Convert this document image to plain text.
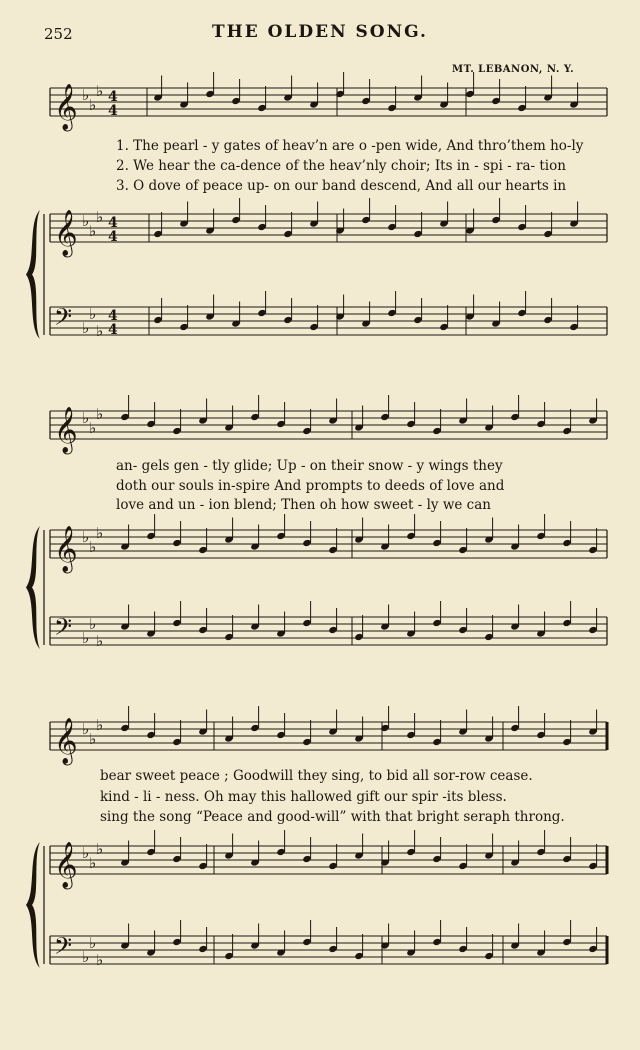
252	THE OLDEN SONG.
MT. LEBANON, N. Y.
𝄞 ♭
♭
♭ 4
4
𝄞 ♭
♭
♭ 4
4
𝄢 ♭
♭
♭
4
4
𝄞 ♭
♭
♭
𝄞 ♭
♭
♭
𝄢 ♭
♭
♭
𝄞 ♭
♭
♭
𝄞 ♭
♭
♭
𝄢 ♭
♭
♭
1. The pearl - y gates of heav’n are o -pen wide, And thro’them ho-ly
2. We hear the ca-dence of the heav’nly choir; Its in - spi - ra- tion
3. O dove of peace up- on our band descend, And all our hearts in
an- gels gen - tly glide; Up - on their snow - y wings they
doth our souls in-spire And prompts to deeds of love and
love and un - ion blend; Then oh how sweet - ly we can
bear sweet peace ; Goodwill they sing, to bid all sor-row cease.
kind - li - ness. Oh may this hallowed gift our spir -its bless.
sing the song “Peace and good-will” with that bright seraph throng.
